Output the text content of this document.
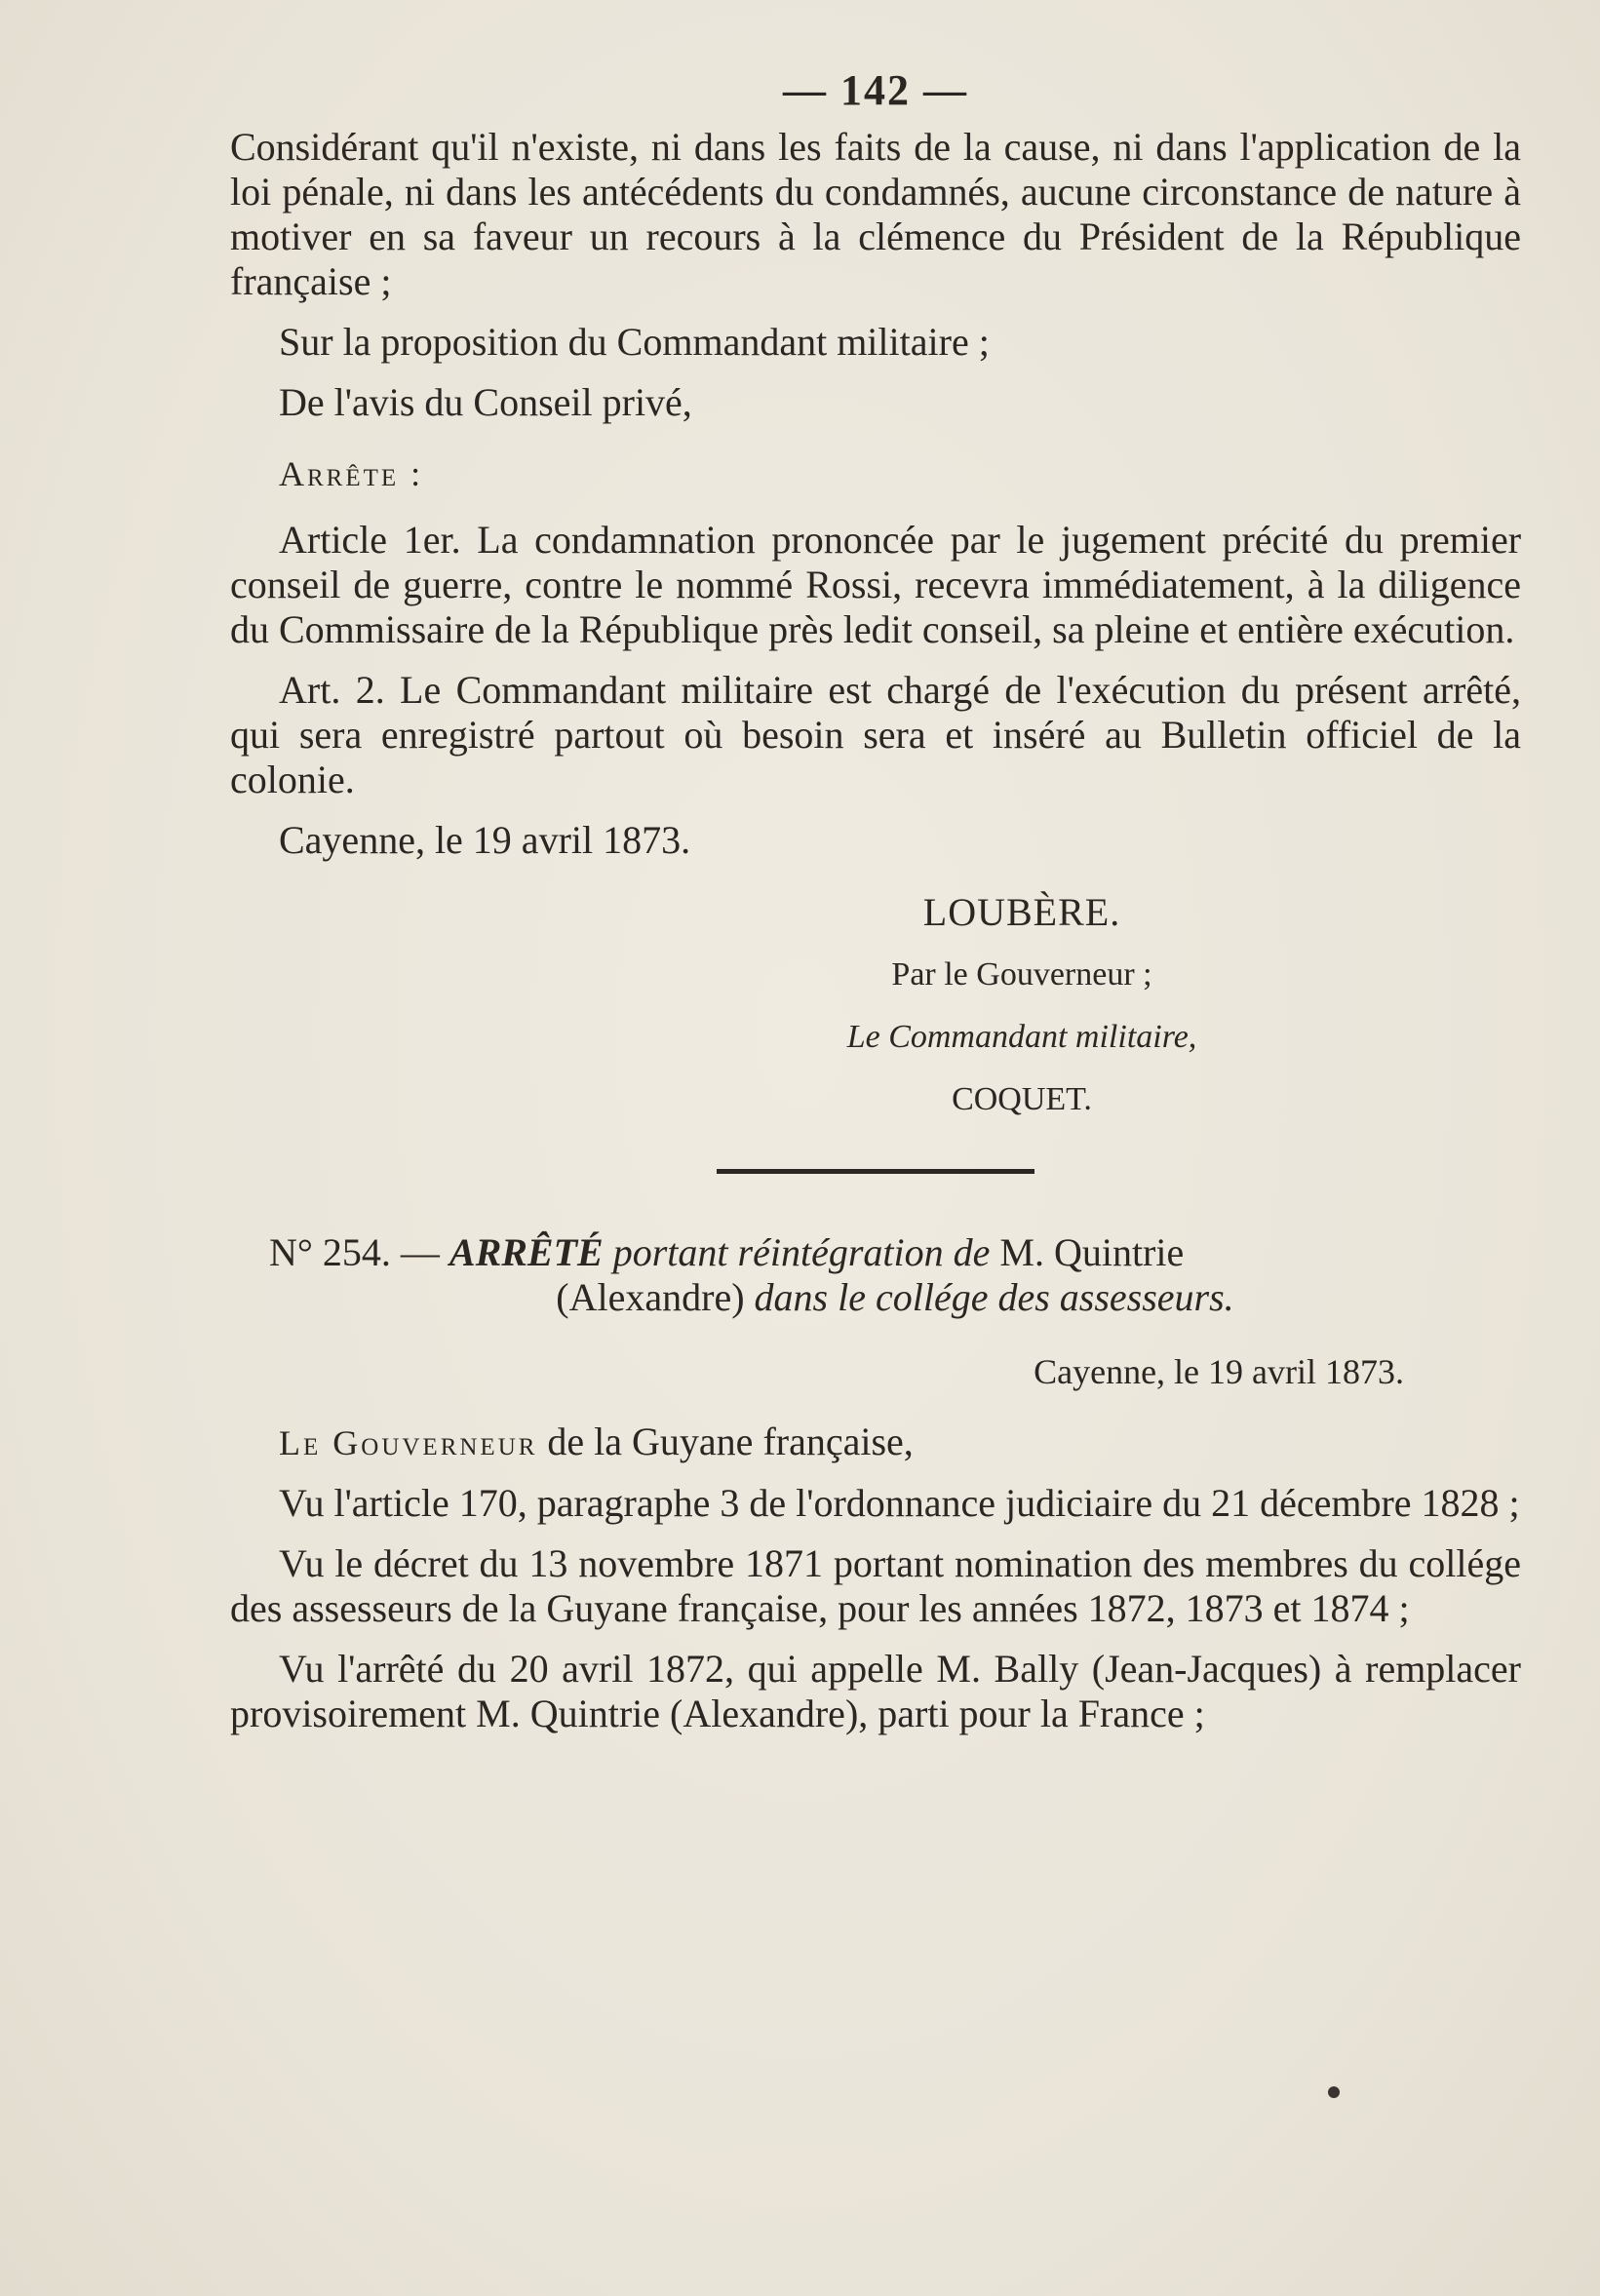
— 142 —

Considérant qu'il n'existe, ni dans les faits de la cause, ni dans l'application de la loi pénale, ni dans les antécédents du condamnés, aucune circonstance de nature à motiver en sa faveur un recours à la clémence du Président de la République française ;

Sur la proposition du Commandant militaire ;

De l'avis du Conseil privé,

Arrête :

Article 1er. La condamnation prononcée par le jugement précité du premier conseil de guerre, contre le nommé Rossi, recevra immédiatement, à la diligence du Commissaire de la République près ledit conseil, sa pleine et entière exécution.

Art. 2. Le Commandant militaire est chargé de l'exécution du présent arrêté, qui sera enregistré partout où besoin sera et inséré au Bulletin officiel de la colonie.

Cayenne, le 19 avril 1873.

LOUBÈRE.
Par le Gouverneur ;
Le Commandant militaire,
COQUET.
N° 254. — ARRÊTÉ portant réintégration de M. Quintrie
(Alexandre) dans le collége des assesseurs.
Cayenne, le 19 avril 1873.

Le Gouverneur de la Guyane française,

Vu l'article 170, paragraphe 3 de l'ordonnance judiciaire du 21 décembre 1828 ;

Vu le décret du 13 novembre 1871 portant nomination des membres du collége des assesseurs de la Guyane française, pour les années 1872, 1873 et 1874 ;

Vu l'arrêté du 20 avril 1872, qui appelle M. Bally (Jean-Jacques) à remplacer provisoirement M. Quintrie (Alexandre), parti pour la France ;
